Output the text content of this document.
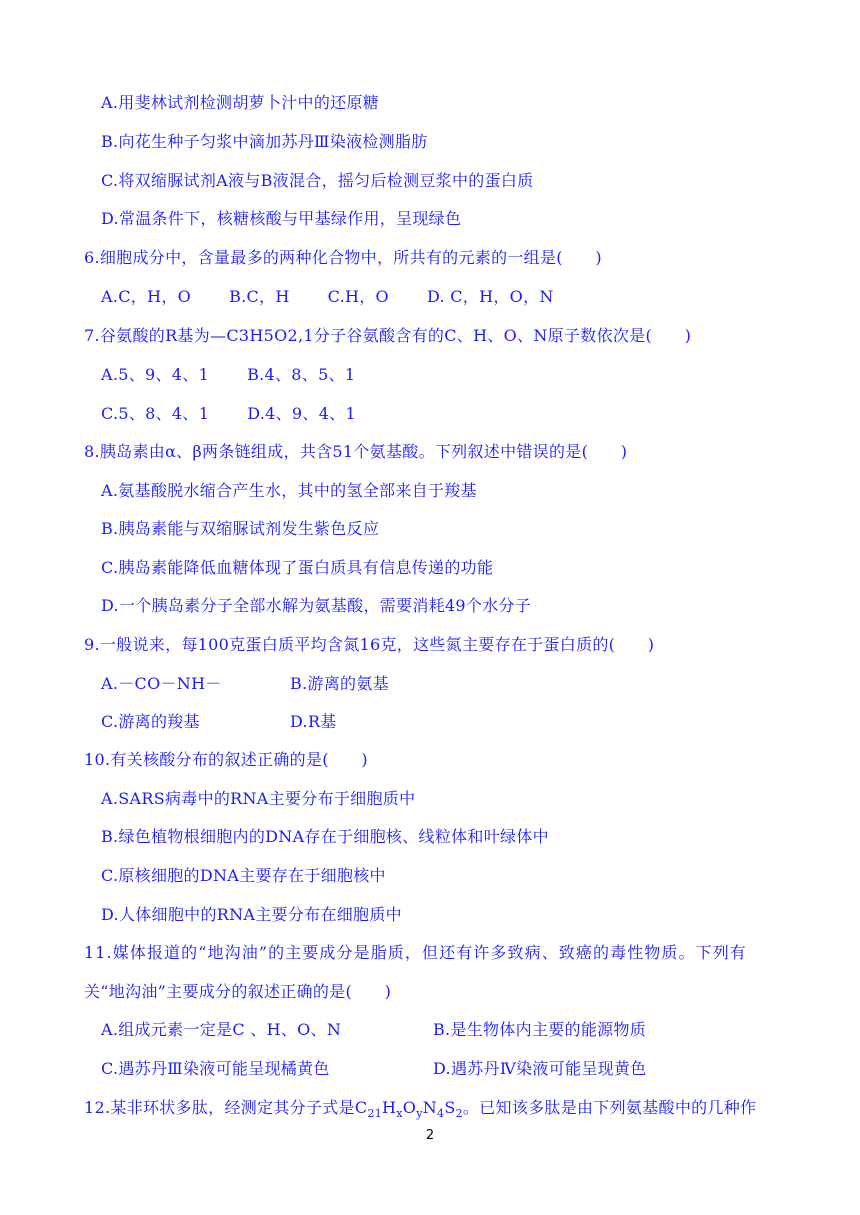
A.用斐林试剂检测胡萝卜汁中的还原糖
B.向花生种子匀浆中滴加苏丹Ⅲ染液检测脂肪
C.将双缩脲试剂A液与B液混合，摇匀后检测豆浆中的蛋白质
D.常温条件下，核糖核酸与甲基绿作用，呈现绿色
6.细胞成分中，含量最多的两种化合物中，所共有的元素的一组是(　　)
A.C，H，O B.C，H C.H，O D. C，H，O，N
7.谷氨酸的R基为—C3H5O2,1分子谷氨酸含有的C、H、O、N原子数依次是(　　)
A.5、9、4、1 B.4、8、5、1
C.5、8、4、1 D.4、9、4、1
8.胰岛素由α、β两条链组成，共含51个氨基酸。下列叙述中错误的是(　　)
A.氨基酸脱水缩合产生水，其中的氢全部来自于羧基
B.胰岛素能与双缩脲试剂发生紫色反应
C.胰岛素能降低血糖体现了蛋白质具有信息传递的功能
D.一个胰岛素分子全部水解为氨基酸，需要消耗49个水分子
9.一般说来，每100克蛋白质平均含氮16克，这些氮主要存在于蛋白质的(　　)
A.－CO－NH－	B.游离的氨基
C.游离的羧基	D.R基
10.有关核酸分布的叙述正确的是(　　)
A.SARS病毒中的RNA主要分布于细胞质中
B.绿色植物根细胞内的DNA存在于细胞核、线粒体和叶绿体中
C.原核细胞的DNA主要存在于细胞核中
D.人体细胞中的RNA主要分布在细胞质中
11.媒体报道的“地沟油”的主要成分是脂质，但还有许多致病、致癌的毒性物质。下列有
关“地沟油”主要成分的叙述正确的是(　　)
A.组成元素一定是C 、H、O、N	B.是生物体内主要的能源物质
C.遇苏丹Ⅲ染液可能呈现橘黄色	D.遇苏丹Ⅳ染液可能呈现黄色
12.某非环状多肽，经测定其分子式是$C_{21}H_xO_yN_4S_2$。已知该多肽是由下列氨基酸中的几种作
2
